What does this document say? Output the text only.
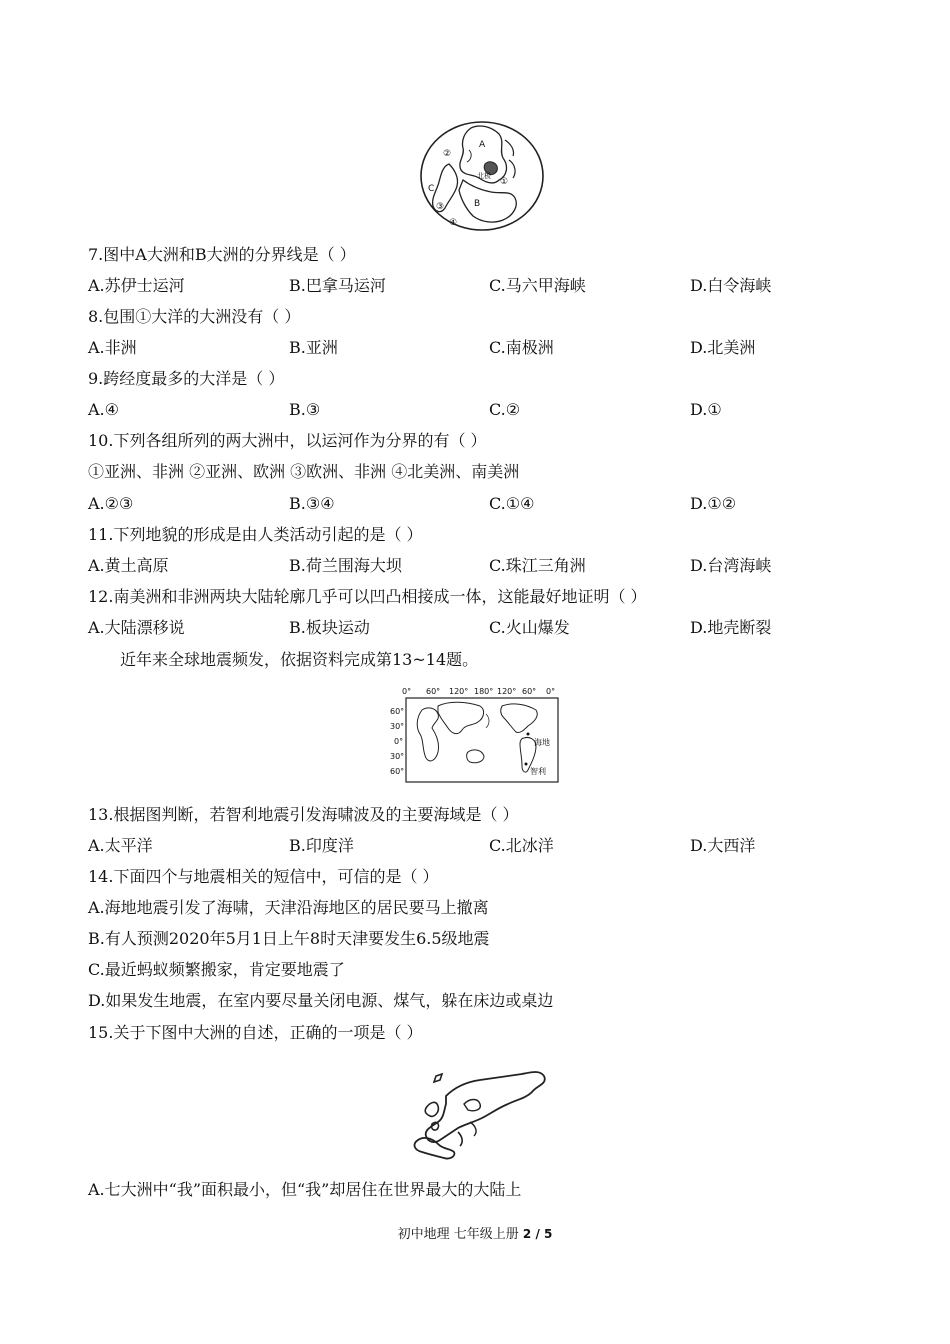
A
B
C
①
②
③
④
北极
7.图中A大洲和B大洲的分界线是（ ）
A.苏伊士运河	B.巴拿马运河	C.马六甲海峡	D.白令海峡
8.包围①大洋的大洲没有（ ）
A.非洲	B.亚洲	C.南极洲	D.北美洲
9.跨经度最多的大洋是（ ）
A.④	B.③	C.②	D.①
10.下列各组所列的两大洲中，以运河作为分界的有（ ）
①亚洲、非洲 ②亚洲、欧洲 ③欧洲、非洲 ④北美洲、南美洲
A.②③	B.③④	C.①④	D.①②
11.下列地貌的形成是由人类活动引起的是（ ）
A.黄土高原	B.荷兰围海大坝	C.珠江三角洲	D.台湾海峡
12.南美洲和非洲两块大陆轮廓几乎可以凹凸相接成一体，这能最好地证明（ ）
A.大陆漂移说	B.板块运动	C.火山爆发	D.地壳断裂
近年来全球地震频发，依据资料完成第13~14题。
0° 60° 120° 180° 120° 60° 0°
60°
30°
0°
30°
60°
海地
智利
13.根据图判断，若智利地震引发海啸波及的主要海域是（ ）
A.太平洋	B.印度洋	C.北冰洋	D.大西洋
14.下面四个与地震相关的短信中，可信的是（ ）
A.海地地震引发了海啸，天津沿海地区的居民要马上撤离
B.有人预测2020年5月1日上午8时天津要发生6.5级地震
C.最近蚂蚁频繁搬家，肯定要地震了
D.如果发生地震，在室内要尽量关闭电源、煤气，躲在床边或桌边
15.关于下图中大洲的自述，正确的一项是（ ）
A.七大洲中“我”面积最小，但“我”却居住在世界最大的大陆上
初中地理 七年级上册 2 / 5
